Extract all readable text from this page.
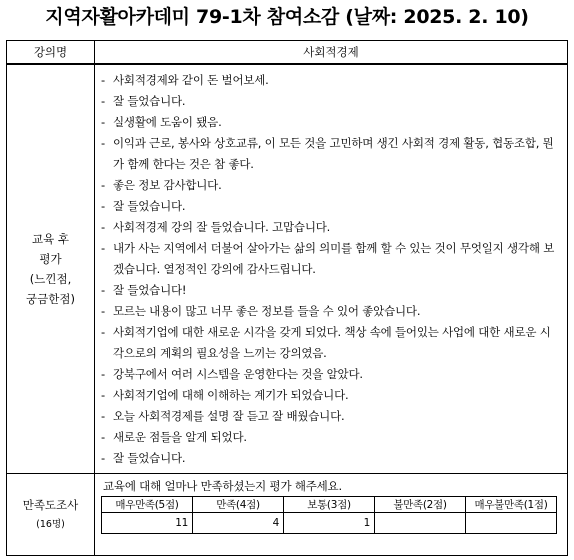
지역자활아카데미 79-1차 참여소감 (날짜: 2025. 2. 10)
강의명	사회적경제

교육 후
평가
(느낀점,
궁금한점)

- 사회적경제와 같이 돈 벌어보세.
- 잘 들었습니다.
- 실생활에 도움이 됐음.
- 이익과 근로, 봉사와 상호교류, 이 모든 것을 고민하며 생긴 사회적 경제 활동, 협동조합, 뭔가 함께 한다는 것은 참 좋다.
- 좋은 정보 감사합니다.
- 잘 들었습니다.
- 사회적경제 강의 잘 들었습니다. 고맙습니다.
- 내가 사는 지역에서 더불어 살아가는 삶의 의미를 함께 할 수 있는 것이 무엇일지 생각해 보겠습니다. 열정적인 강의에 감사드립니다.
- 잘 들었습니다!
- 모르는 내용이 많고 너무 좋은 정보를 들을 수 있어 좋았습니다.
- 사회적기업에 대한 새로운 시각을 갖게 되었다. 책상 속에 들어있는 사업에 대한 새로운 시각으로의 계획의 필요성을 느끼는 강의였음.
- 강북구에서 여러 시스템을 운영한다는 것을 알았다.
- 사회적기업에 대해 이해하는 계기가 되었습니다.
- 오늘 사회적경제를 설명 잘 듣고 잘 배웠습니다.
- 새로운 점들을 알게 되었다.
- 잘 들었습니다.

만족도조사
(16명)

교육에 대해 얼마나 만족하셨는지 평가 해주세요.
매우만족(5점)	만족(4점)	보통(3점)	불만족(2점)	매우불만족(1점)
11	4	1		
